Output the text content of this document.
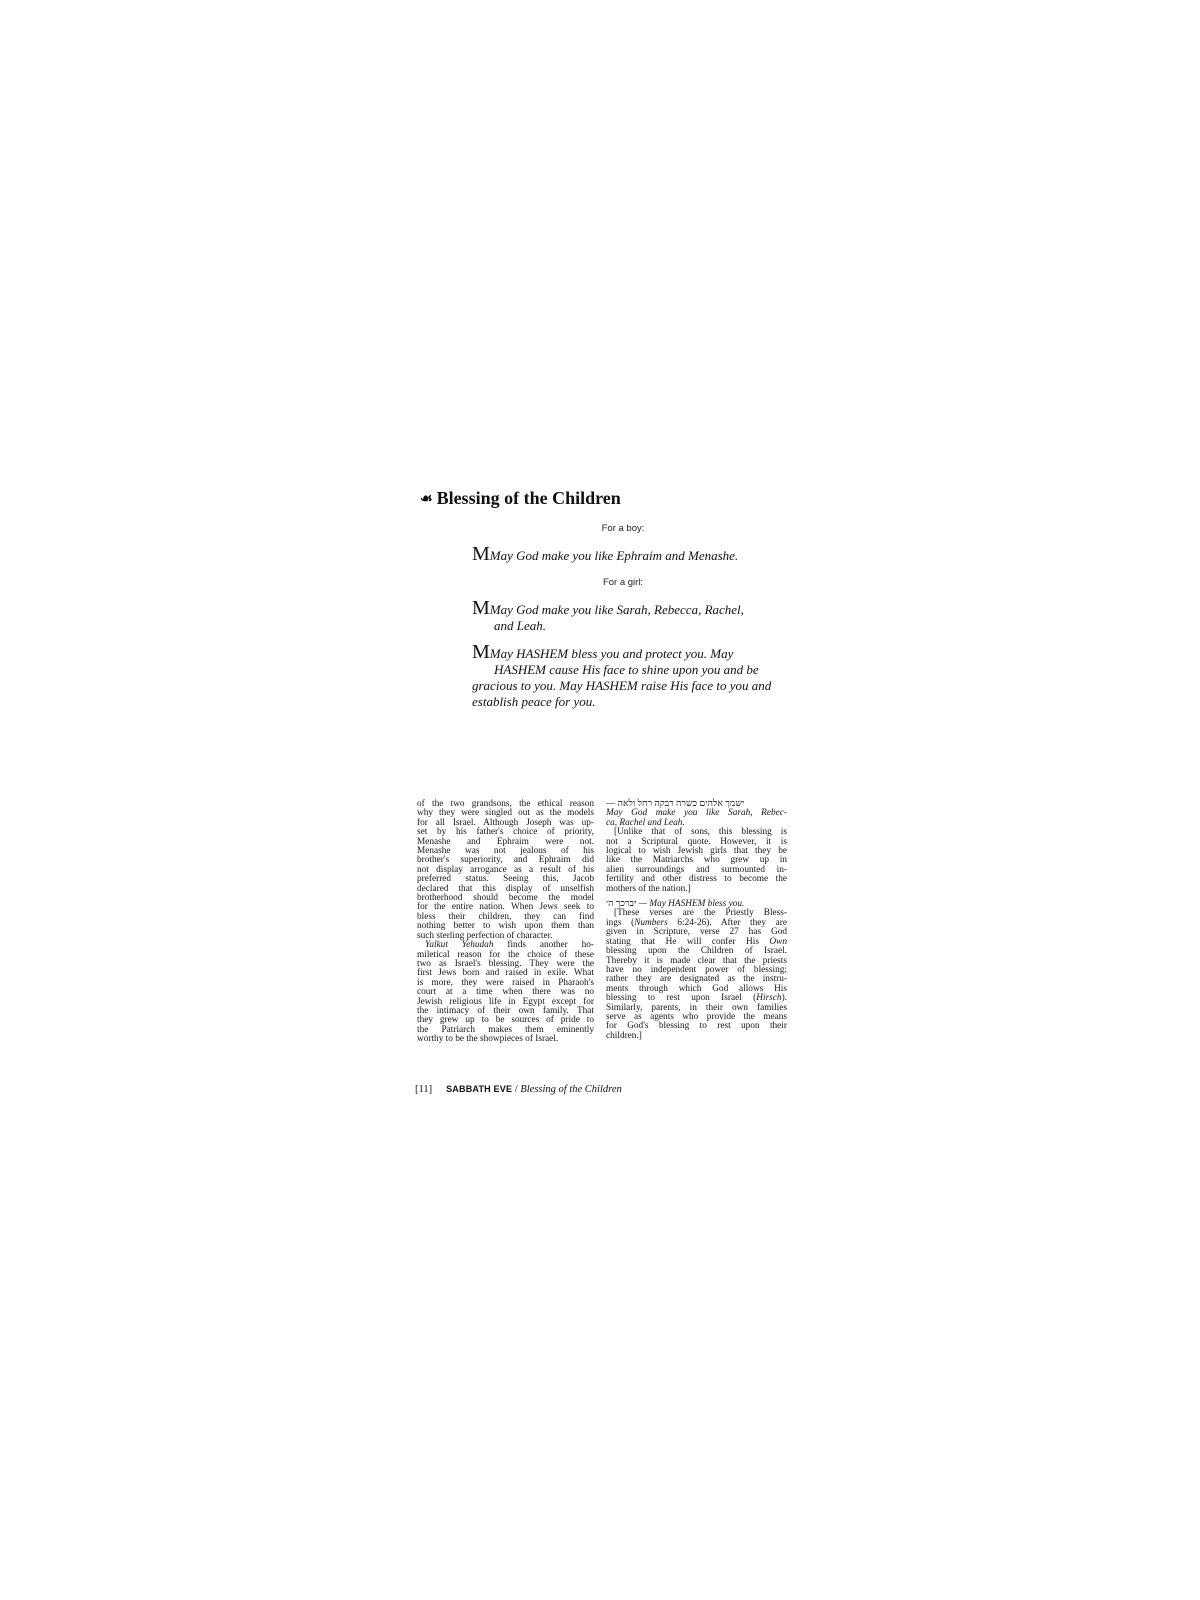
☙ Blessing of the Children
For a boy:
MMay God make you like Ephraim and Menashe.
For a girl:
MMay God make you like Sarah, Rebecca, Rachel,
and Leah.
MMay HASHEM bless you and protect you. May
HASHEM cause His face to shine upon you and be
gracious to you. May HASHEM raise His face to you and
establish peace for you.
of the two grandsons, the ethical reason
why they were singled out as the models
for all Israel. Although Joseph was up-
set by his father's choice of priority,
Menashe and Ephraim were not.
Menashe was not jealous of his
brother's superiority, and Ephraim did
not display arrogance as a result of his
preferred status. Seeing this, Jacob
declared that this display of unselfish
brotherhood should become the model
for the entire nation. When Jews seek to
bless their children, they can find
nothing better to wish upon them than
such sterling perfection of character.
Yalkut Yehudah finds another ho-
miletical reason for the choice of these
two as Israel's blessing. They were the
first Jews born and raised in exile. What
is more, they were raised in Pharaoh's
court at a time when there was no
Jewish religious life in Egypt except for
the intimacy of their own family. That
they grew up to be sources of pride to
the Patriarch makes them eminently
worthy to be the showpieces of Israel.
ישמך אלהים כשרה רבקה רחל ולאה —
May God make you like Sarah, Rebec-
ca, Rachel and Leah.
[Unlike that of sons, this blessing is
not a Scriptural quote. However, it is
logical to wish Jewish girls that they be
like the Matriarchs who grew up in
alien surroundings and surmounted in-
fertility and other distress to become the
mothers of the nation.]
יברכך ה׳ — May HASHEM bless you.
[These verses are the Priestly Bless-
ings (Numbers 6:24-26). After they are
given in Scripture, verse 27 has God
stating that He will confer His Own
blessing upon the Children of Israel.
Thereby it is made clear that the priests
have no independent power of blessing;
rather they are designated as the instru-
ments through which God allows His
blessing to rest upon Israel (Hirsch).
Similarly, parents, in their own families
serve as agents who provide the means
for God's blessing to rest upon their
children.]
[11] SABBATH EVE / Blessing of the Children
